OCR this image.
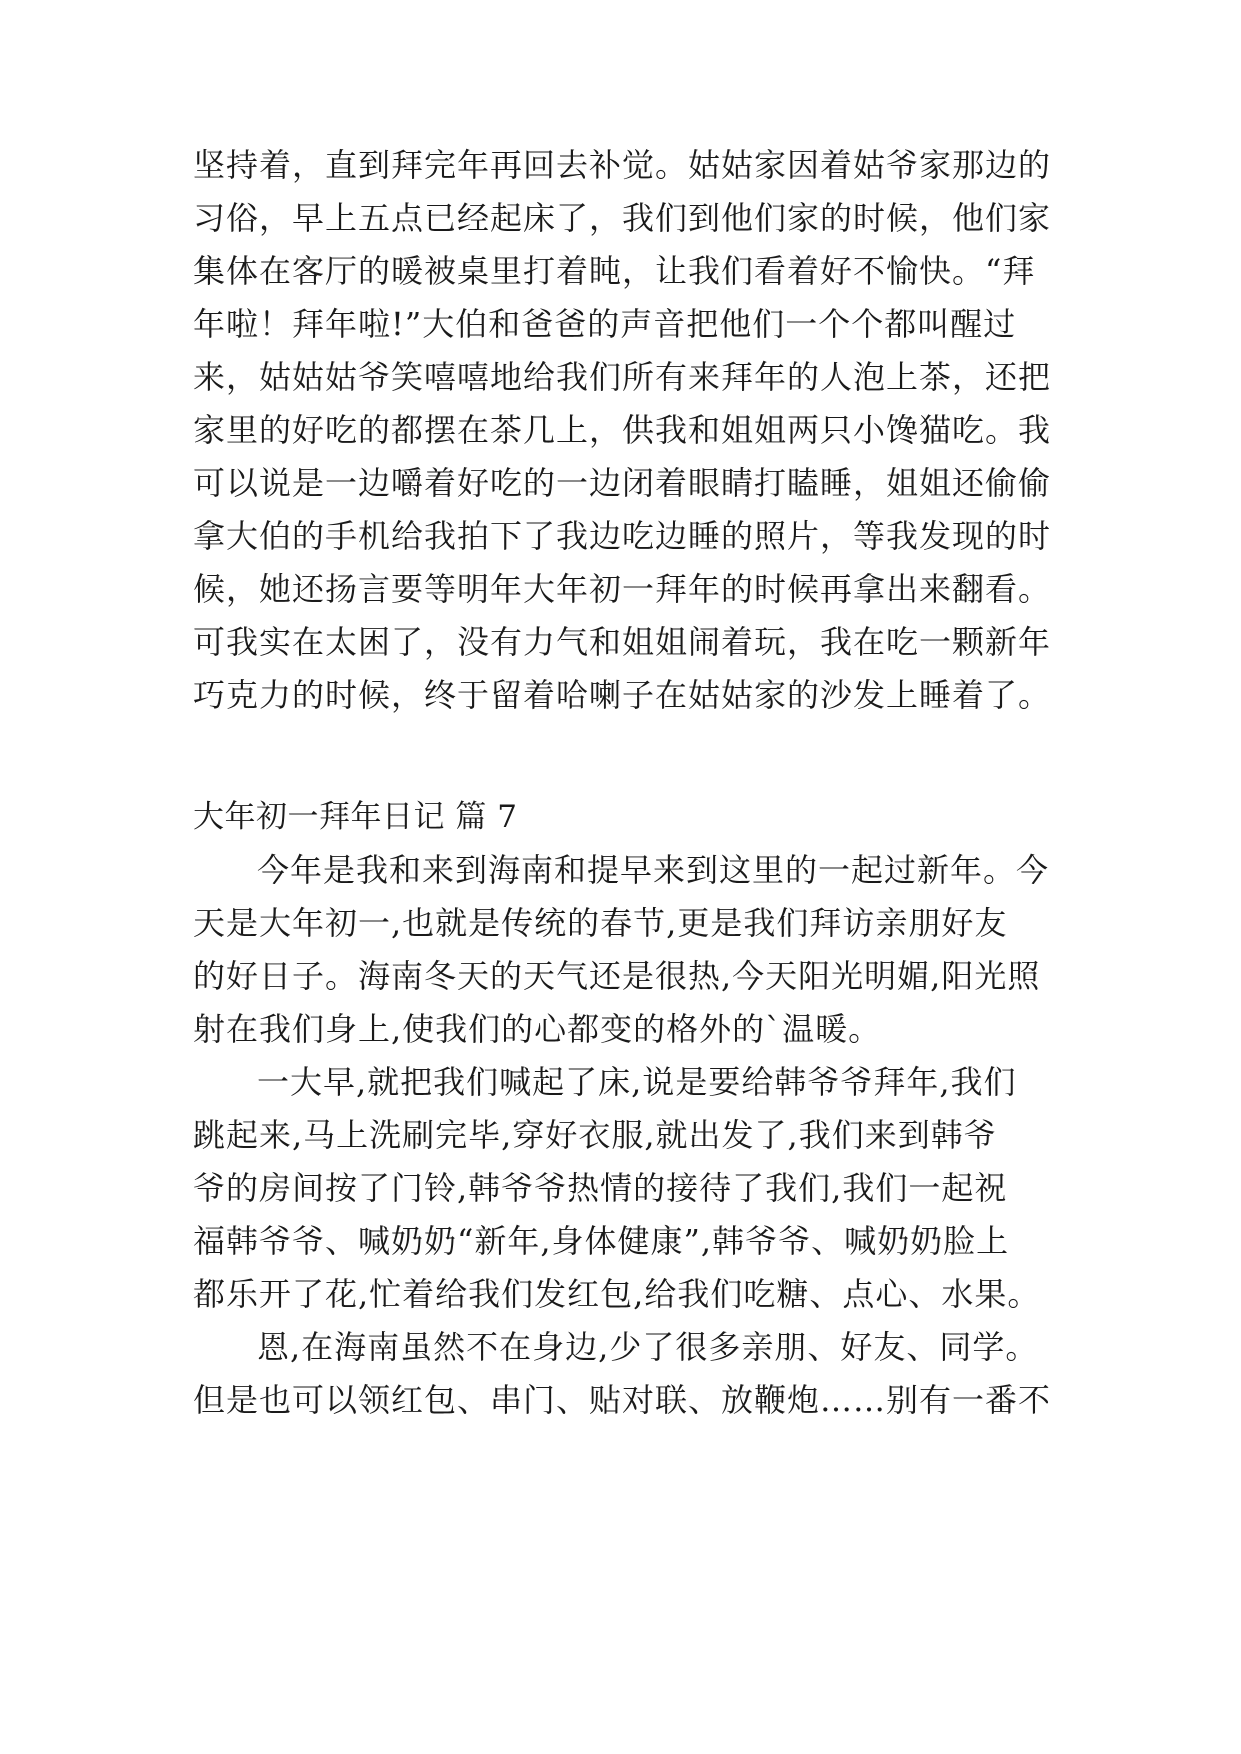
坚持着，直到拜完年再回去补觉。姑姑家因着姑爷家那边的
习俗，早上五点已经起床了，我们到他们家的时候，他们家
集体在客厅的暖被桌里打着盹，让我们看着好不愉快。“拜
年啦！拜年啦!”大伯和爸爸的声音把他们一个个都叫醒过
来，姑姑姑爷笑嘻嘻地给我们所有来拜年的人泡上茶，还把
家里的好吃的都摆在茶几上，供我和姐姐两只小馋猫吃。我
可以说是一边嚼着好吃的一边闭着眼睛打瞌睡，姐姐还偷偷
拿大伯的手机给我拍下了我边吃边睡的照片，等我发现的时
候，她还扬言要等明年大年初一拜年的时候再拿出来翻看。
可我实在太困了，没有力气和姐姐闹着玩，我在吃一颗新年
巧克力的时候，终于留着哈喇子在姑姑家的沙发上睡着了。
大年初一拜年日记 篇 7
今年是我和来到海南和提早来到这里的一起过新年。今
天是大年初一,也就是传统的春节,更是我们拜访亲朋好友
的好日子。海南冬天的天气还是很热,今天阳光明媚,阳光照
射在我们身上,使我们的心都变的格外的`温暖。
一大早,就把我们喊起了床,说是要给韩爷爷拜年,我们
跳起来,马上洗刷完毕,穿好衣服,就出发了,我们来到韩爷
爷的房间按了门铃,韩爷爷热情的接待了我们,我们一起祝
福韩爷爷、喊奶奶“新年,身体健康”,韩爷爷、喊奶奶脸上
都乐开了花,忙着给我们发红包,给我们吃糖、点心、水果。
恩,在海南虽然不在身边,少了很多亲朋、好友、同学。
但是也可以领红包、串门、贴对联、放鞭炮……别有一番不
